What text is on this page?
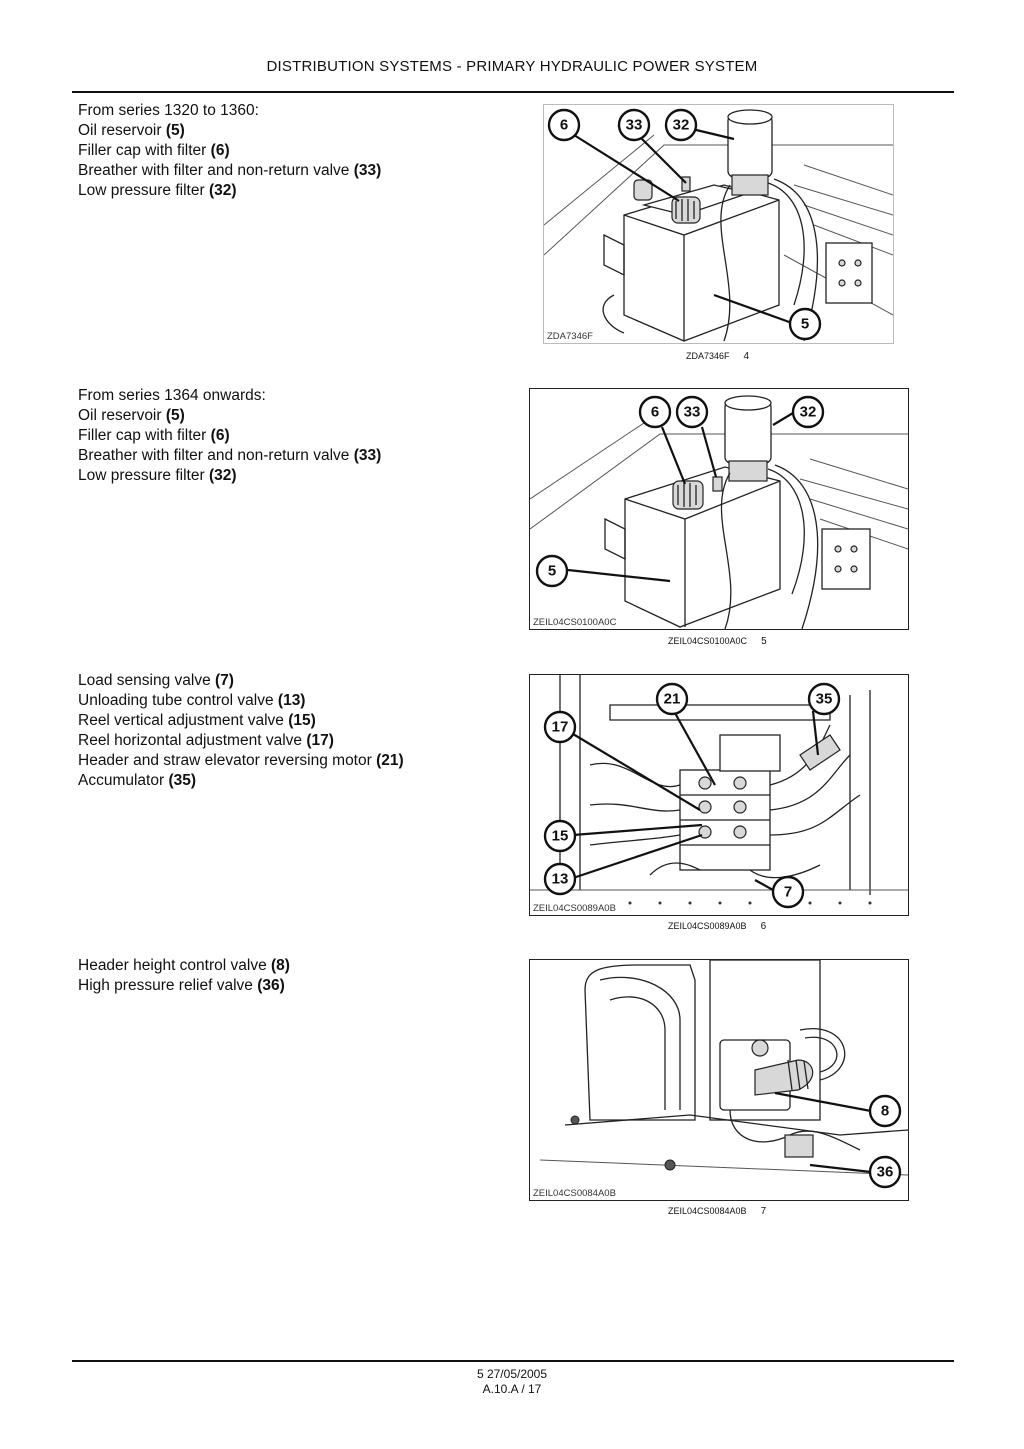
DISTRIBUTION SYSTEMS - PRIMARY HYDRAULIC POWER SYSTEM
From series 1320 to 1360:
Oil reservoir (5)
Filler cap with filter (6)
Breather with filter and non-return valve (33)
Low pressure filter (32)
6	33 32
5
ZDA7346F
ZDA7346F 4
From series 1364 onwards:
Oil reservoir (5)
Filler cap with filter (6)
Breather with filter and non-return valve (33)
Low pressure filter (32)
6 33	32
5
ZEIL04CS0100A0C
ZEIL04CS0100A0C 5
Load sensing valve (7)
Unloading tube control valve (13)
Reel vertical adjustment valve (15)
Reel horizontal adjustment valve (17)
Header and straw elevator reversing motor (21)
Accumulator (35)
21	35
17
15
13
7
ZEIL04CS0089A0B
ZEIL04CS0089A0B 6
Header height control valve (8)
High pressure relief valve (36)
8
36
ZEIL04CS0084A0B
ZEIL04CS0084A0B 7
5 27/05/2005
A.10.A / 17
